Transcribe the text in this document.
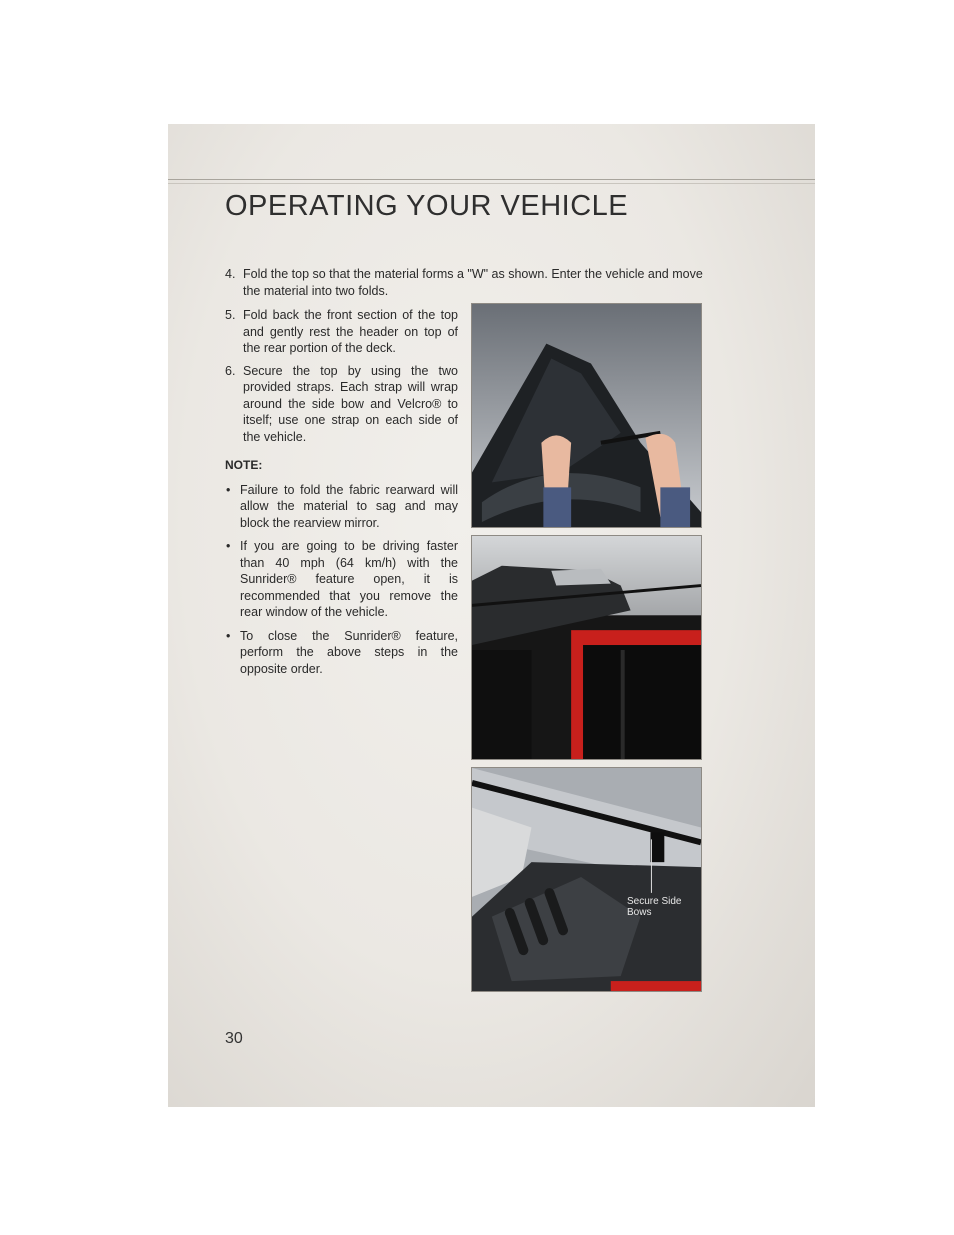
OPERATING YOUR VEHICLE
4. Fold the top so that the material forms a "W" as shown. Enter the vehicle and move the material into two folds.
5. Fold back the front section of the top and gently rest the header on top of the rear portion of the deck.
6. Secure the top by using the two provided straps. Each strap will wrap around the side bow and Velcro® to itself; use one strap on each side of the vehicle.
NOTE:
• Failure to fold the fabric rearward will allow the material to sag and may block the rearview mirror.
• If you are going to be driving faster than 40 mph (64 km/h) with the Sunrider® feature open, it is recommended that you remove the rear window of the vehicle.
• To close the Sunrider® feature, perform the above steps in the opposite order.
Secure Side
Bows
30
